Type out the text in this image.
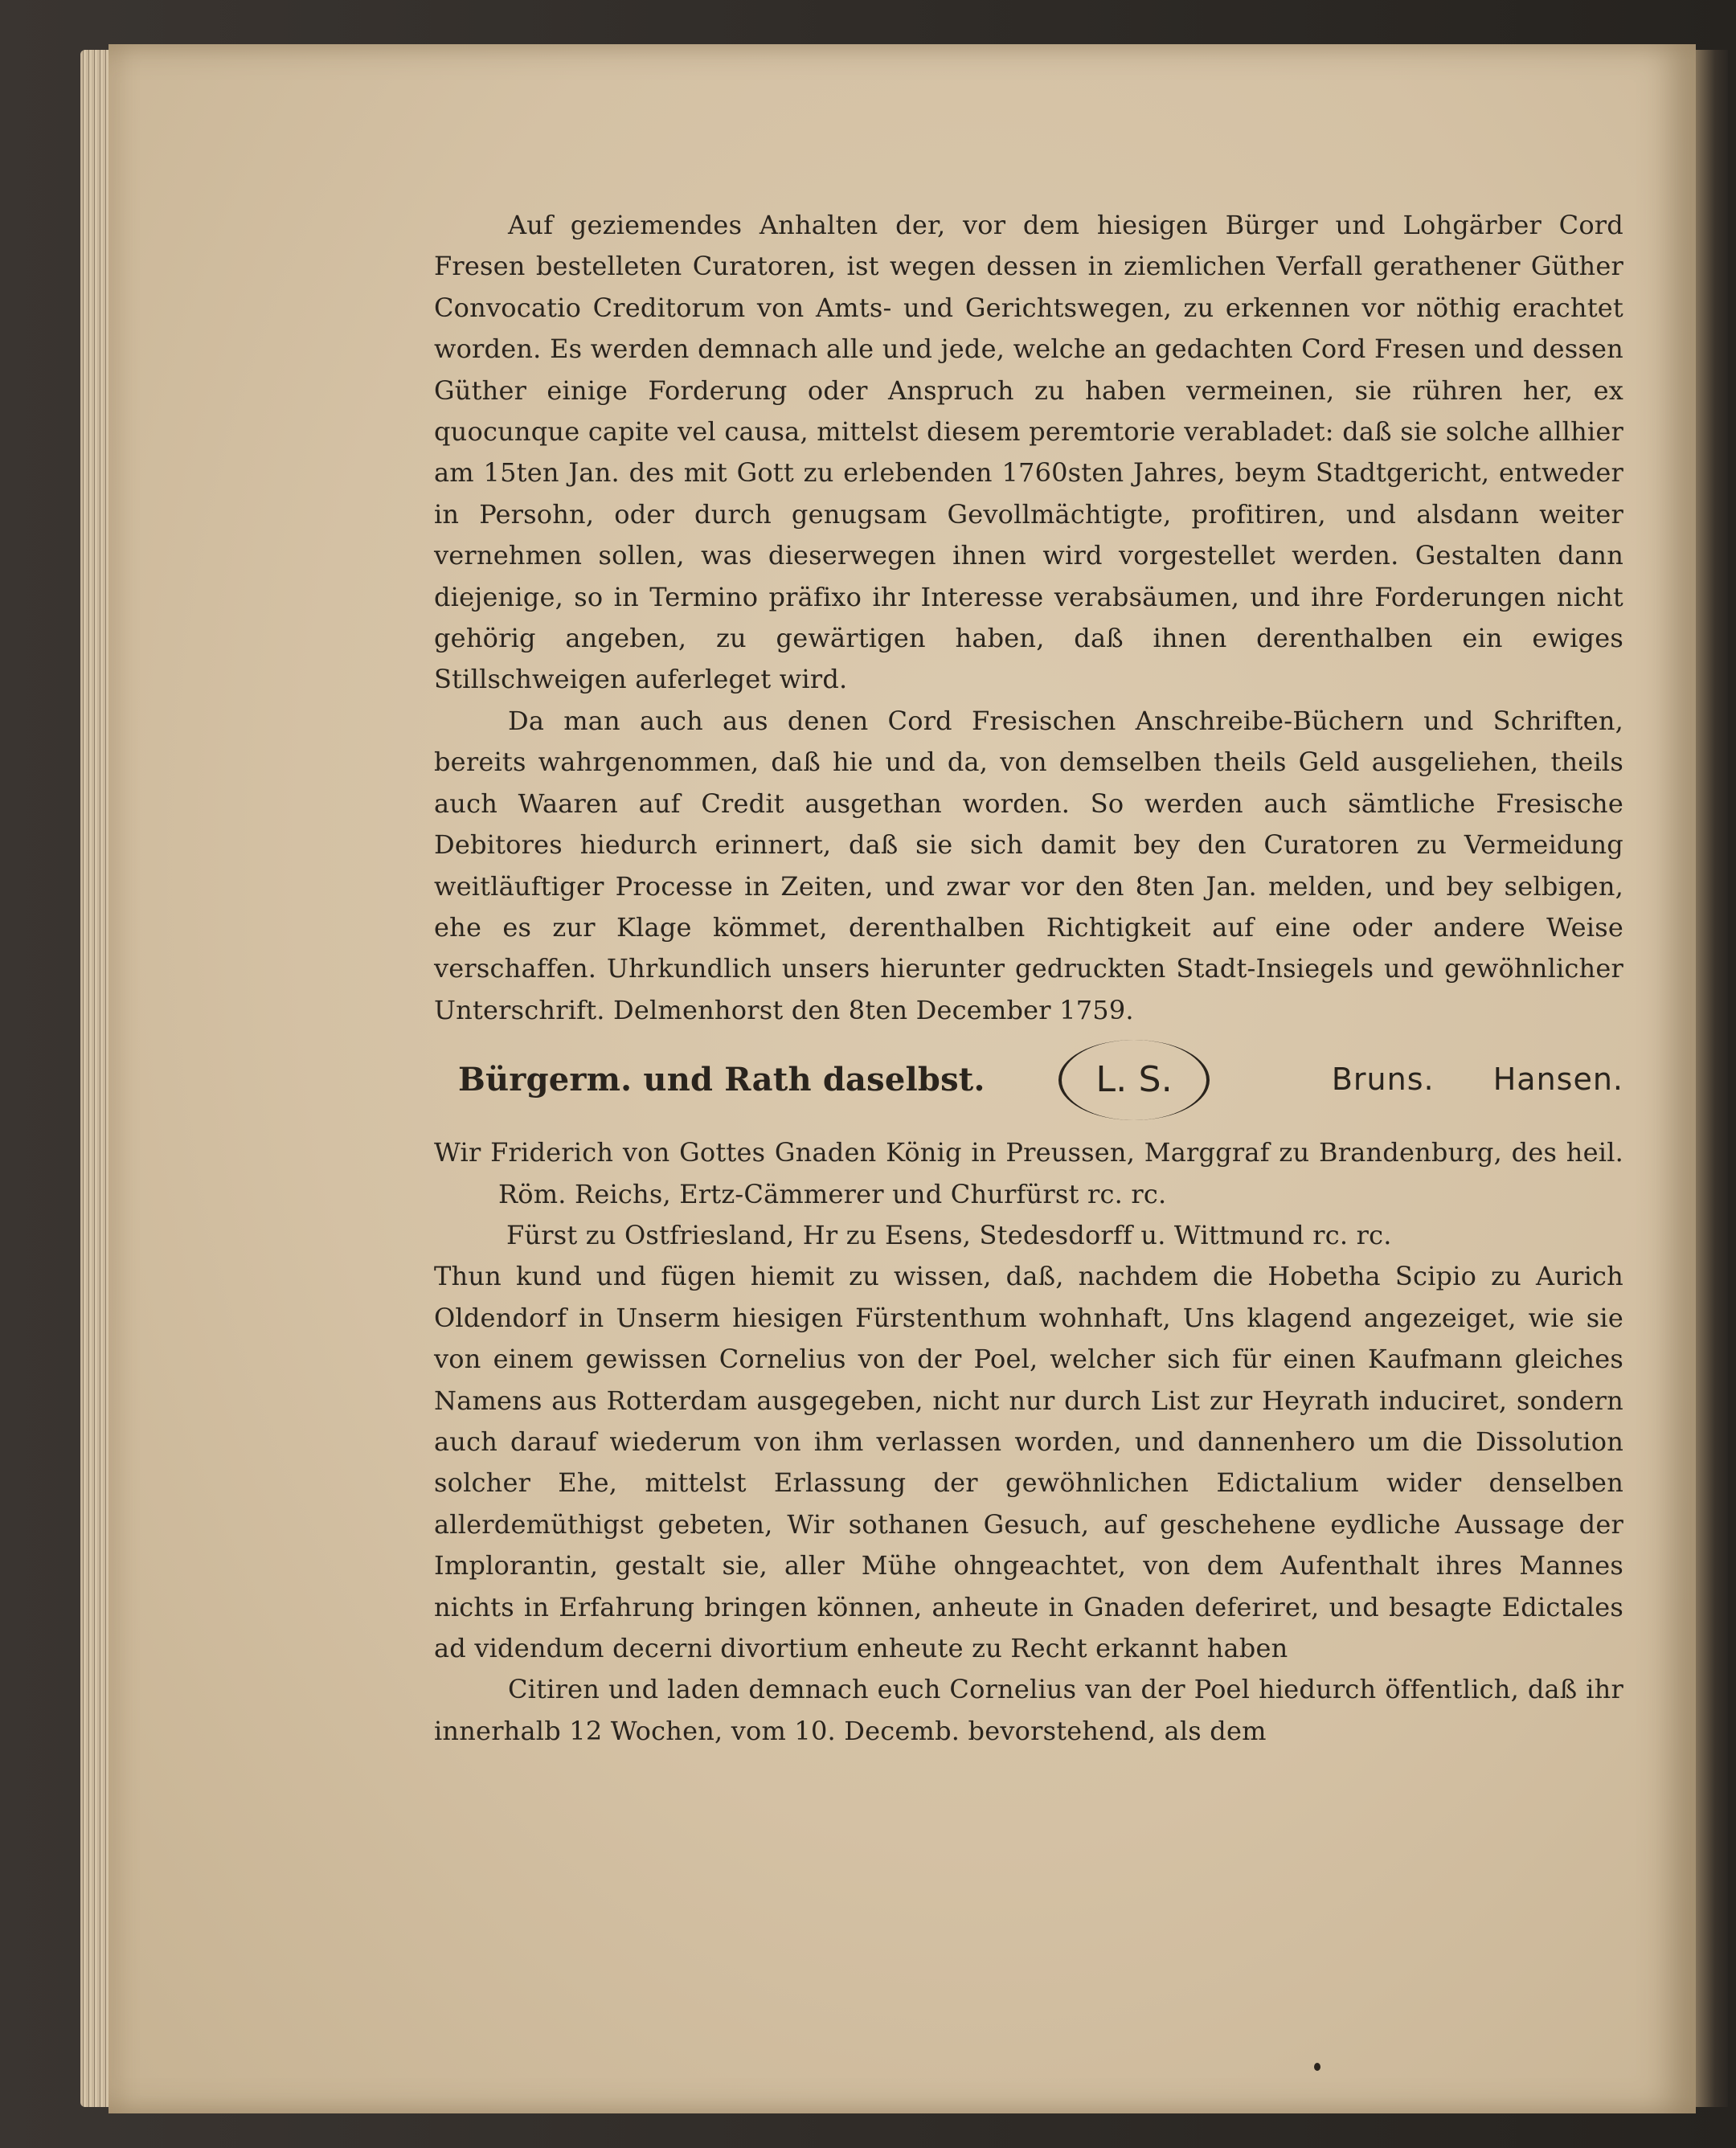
Auf geziemendes Anhalten der, vor dem hiesigen Bürger und Lohgärber Cord Fresen bestelleten Curatoren, ist wegen dessen in ziemlichen Verfall gerathener Güther Convocatio Creditorum von Amts- und Gerichtswegen, zu erkennen vor nöthig erachtet worden. Es werden demnach alle und jede, welche an gedachten Cord Fresen und dessen Güther einige Forderung oder Anspruch zu haben vermeinen, sie rühren her, ex quocunque capite vel causa, mittelst diesem peremtorie verabladet: daß sie solche allhier am 15ten Jan. des mit Gott zu erlebenden 1760sten Jahres, beym Stadtgericht, entweder in Persohn, oder durch genugsam Gevollmächtigte, profitiren, und alsdann weiter vernehmen sollen, was dieserwegen ihnen wird vorgestellet werden. Gestalten dann diejenige, so in Termino präfixo ihr Interesse verabsäumen, und ihre Forderungen nicht gehörig angeben, zu gewärtigen haben, daß ihnen derenthalben ein ewiges Stillschweigen auferleget wird.

Da man auch aus denen Cord Fresischen Anschreibe-Büchern und Schriften, bereits wahrgenommen, daß hie und da, von demselben theils Geld ausgeliehen, theils auch Waaren auf Credit ausgethan worden. So werden auch sämtliche Fresische Debitores hiedurch erinnert, daß sie sich damit bey den Curatoren zu Vermeidung weitläuftiger Processe in Zeiten, und zwar vor den 8ten Jan. melden, und bey selbigen, ehe es zur Klage kömmet, derenthalben Richtigkeit auf eine oder andere Weise verschaffen. Uhrkundlich unsers hierunter gedruckten Stadt-Insiegels und gewöhnlicher Unterschrift. Delmenhorst den 8ten December 1759.

Bürgerm. und Rath daselbst.	L. S.	Bruns. Hansen.

Wir Friderich von Gottes Gnaden König in Preussen, Marggraf zu Brandenburg, des heil. Röm. Reichs, Ertz-Cämmerer und Churfürst rc. rc.

Fürst zu Ostfriesland, Hr zu Esens, Stedesdorff u. Wittmund rc. rc.

Thun kund und fügen hiemit zu wissen, daß, nachdem die Hobetha Scipio zu Aurich Oldendorf in Unserm hiesigen Fürstenthum wohnhaft, Uns klagend angezeiget, wie sie von einem gewissen Cornelius von der Poel, welcher sich für einen Kaufmann gleiches Namens aus Rotterdam ausgegeben, nicht nur durch List zur Heyrath induciret, sondern auch darauf wiederum von ihm verlassen worden, und dannenhero um die Dissolution solcher Ehe, mittelst Erlassung der gewöhnlichen Edictalium wider denselben allerdemüthigst gebeten, Wir sothanen Gesuch, auf geschehene eydliche Aussage der Implorantin, gestalt sie, aller Mühe ohngeachtet, von dem Aufenthalt ihres Mannes nichts in Erfahrung bringen können, anheute in Gnaden deferiret, und besagte Edictales ad videndum decerni divortium enheute zu Recht erkannt haben

Citiren und laden demnach euch Cornelius van der Poel hiedurch öffentlich, daß ihr innerhalb 12 Wochen, vom 10. Decemb. bevorstehend, als dem
